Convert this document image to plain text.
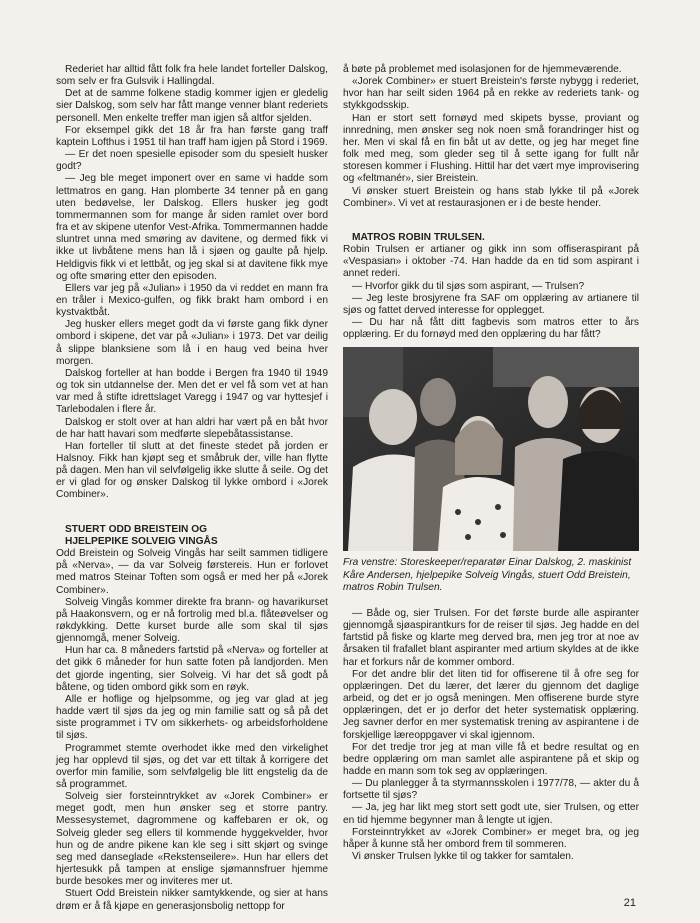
Rederiet har alltid fått folk fra hele landet forteller Dalskog, som selv er fra Gulsvik i Hallingdal.

Det at de samme folkene stadig kommer igjen er gledelig sier Dalskog, som selv har fått mange venner blant rederiets personell. Men enkelte treffer man igjen så altfor sjelden.

For eksempel gikk det 18 år fra han første gang traff kaptein Lofthus i 1951 til han traff ham igjen på Stord i 1969.

— Er det noen spesielle episoder som du spesielt husker godt?

— Jeg ble meget imponert over en same vi hadde som lettmatros en gang. Han plomberte 34 tenner på en gang uten bedøvelse, ler Dalskog. Ellers husker jeg godt tommermannen som for mange år siden ramlet over bord fra et av skipene utenfor Vest-Afrika. Tommermannen hadde sluntret unna med smøring av davitene, og dermed fikk vi ikke ut livbåtene mens han lå i sjøen og gaulte på hjelp. Heldigvis fikk vi et lettbåt, og jeg skal si at davitene fikk mye og ofte smøring etter den episoden.

Ellers var jeg på «Julian» i 1950 da vi reddet en mann fra en tråler i Mexico-gulfen, og fikk brakt ham ombord i en kystvaktbåt.

Jeg husker ellers meget godt da vi første gang fikk dyner ombord i skipene, det var på «Julian» i 1973. Det var deilig å slippe blanksiene som lå i en haug ved beina hver morgen.

Dalskog forteller at han bodde i Bergen fra 1940 til 1949 og tok sin utdannelse der. Men det er vel få som vet at han var med å stifte idrettslaget Varegg i 1947 og var hyttesjef i Tarlebodalen i flere år.

Dalskog er stolt over at han aldri har vært på en båt hvor de har hatt havari som medførte slepebåtassistanse.

Han forteller til slutt at det fineste stedet på jorden er Halsnoy. Fikk han kjøpt seg et småbruk der, ville han flytte på dagen. Men han vil selvfølgelig ikke slutte å seile. Og det er vi glad for og ønsker Dalskog til lykke ombord i «Jorek Combiner».

STUERT ODD BREISTEIN OG

HJELPEPIKE SOLVEIG VINGÅS

Odd Breistein og Solveig Vingås har seilt sammen tidligere på «Nerva», — da var Solveig førstereis. Hun er forlovet med matros Steinar Toften som også er med her på «Jorek Combiner».

Solveig Vingås kommer direkte fra brann- og havarikurset på Haakonsvern, og er nå fortrolig med bl.a. flåteøvelser og røkdykking. Dette kurset burde alle som skal til sjøs gjennomgå, mener Solveig.

Hun har ca. 8 måneders fartstid på «Nerva» og forteller at det gikk 6 måneder for hun satte foten på landjorden. Men det gjorde ingenting, sier Solveig. Vi har det så godt på båtene, og tiden ombord gikk som en røyk.

Alle er hoflige og hjelpsomme, og jeg var glad at jeg hadde vært til sjøs da jeg og min familie satt og så på det siste programmet i TV om sikkerhets- og arbeidsforholdene til sjøs.

Programmet stemte overhodet ikke med den virkelighet jeg har opplevd til sjøs, og det var ett tiltak å korrigere det overfor min familie, som selvfølgelig ble litt engstelig da de så programmet.

Solveig sier forsteinntrykket av «Jorek Combiner» er meget godt, men hun ønsker seg et storre pantry. Messesystemet, dagrommene og kaffebaren er ok, og Solveig gleder seg ellers til kommende hyggekvelder, hvor hun og de andre pikene kan kle seg i sitt skjørt og svinge seg med danseglade «Rekstenseilere». Hun har ellers det hjertesukk på tampen at enslige sjømannsfruer hjemme burde besokes mer og inviteres mer ut.

Stuert Odd Breistein nikker samtykkende, og sier at hans drøm er å få kjøpe en generasjonsbolig nettopp for

å bøte på problemet med isolasjonen for de hjemmeværende.

«Jorek Combiner» er stuert Breistein's første nybygg i rederiet, hvor han har seilt siden 1964 på en rekke av rederiets tank- og stykkgodsskip.

Han er stort sett fornøyd med skipets bysse, proviant og innredning, men ønsker seg nok noen små forandringer hist og her. Men vi skal få en fin båt ut av dette, og jeg har meget fine folk med meg, som gleder seg til å sette igang for fullt når storesen kommer i Flushing. Hittil har det vært mye improvisering og «feltmanér», sier Breistein.

Vi ønsker stuert Breistein og hans stab lykke til på «Jorek Combiner». Vi vet at restaurasjonen er i de beste hender.

MATROS ROBIN TRULSEN.

Robin Trulsen er artianer og gikk inn som offiseraspirant på «Vespasian» i oktober -74. Han hadde da en tid som aspirant i annet rederi.

— Hvorfor gikk du til sjøs som aspirant, — Trulsen?

— Jeg leste brosjyrene fra SAF om opplæring av artianere til sjøs og fattet derved interesse for opplegget.

— Du har nå fått ditt fagbevis som matros etter to års opplæring. Er du fornøyd med den opplæring du har fått?

Fra venstre: Storeskeeper/reparatør Einar Dalskog, 2. maskinist Kåre Andersen, hjelpepike Solveig Vingås, stuert Odd Breistein, matros Robin Trulsen.

— Både og, sier Trulsen. For det første burde alle aspiranter gjennomgå sjøaspirantkurs for de reiser til sjøs. Jeg hadde en del fartstid på fiske og klarte meg derved bra, men jeg tror at noe av årsaken til frafallet blant aspiranter med artium skyldes at de ikke har et forkurs når de kommer ombord.

For det andre blir det liten tid for offiserene til å ofre seg for opplæringen. Det du lærer, det lærer du gjennom det daglige arbeid, og det er jo også meningen. Men offiserene burde styre opplæringen, det er jo derfor det heter systematisk opplæring. Jeg savner derfor en mer systematisk trening av aspirantene i de forskjellige læreoppgaver vi skal igjennom.

For det tredje tror jeg at man ville få et bedre resultat og en bedre opplæring om man samlet alle aspirantene på et skip og hadde en mann som tok seg av opplæringen.

— Du planlegger å ta styrmannsskolen i 1977/78, — akter du å fortsette til sjøs?

— Ja, jeg har likt meg stort sett godt ute, sier Trulsen, og etter en tid hjemme begynner man å lengte ut igjen.

Forsteinntrykket av «Jorek Combiner» er meget bra, og jeg håper å kunne stå her ombord frem til sommeren.

Vi ønsker Trulsen lykke til og takker for samtalen.

21
